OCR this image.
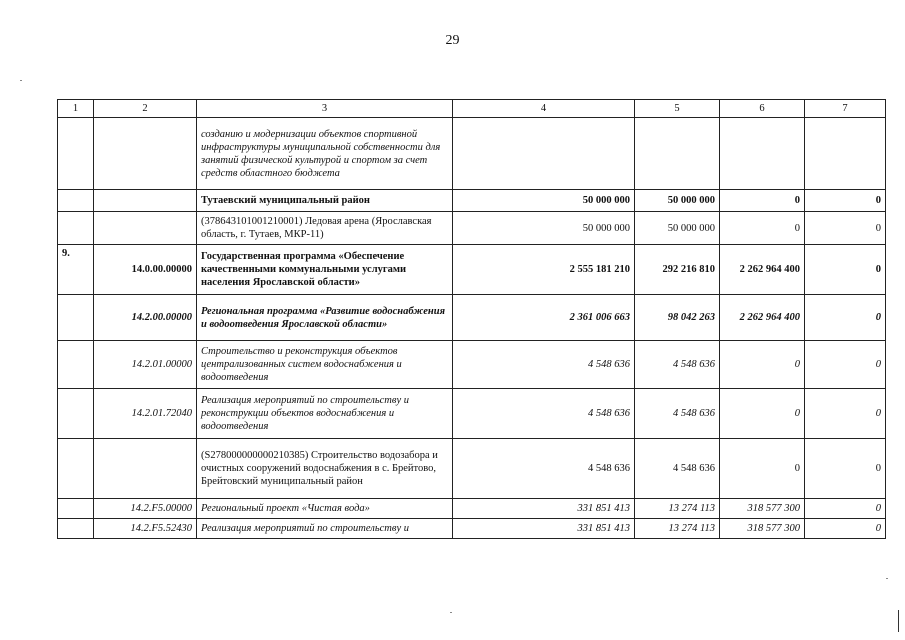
29
1	2	3	4	5	6	7
		созданию и модернизации объектов спортивной инфраструктуры муниципальной собственности для занятий физической культурой и спортом за счет средств областного бюджета				
		Тутаевский муниципальный район	50 000 000	50 000 000	0	0
		(378643101001210001) Ледовая арена (Ярославская область, г. Тутаев, МКР-11)	50 000 000	50 000 000	0	0
9.	14.0.00.00000	Государственная программа «Обеспечение качественными коммунальными услугами населения Ярославской области»	2 555 181 210	292 216 810	2 262 964 400	0
	14.2.00.00000	Региональная программа «Развитие водоснабжения и водоотведения Ярославской области»	2 361 006 663	98 042 263	2 262 964 400	0
	14.2.01.00000	Строительство и реконструкция объектов централизованных систем водоснабжения и водоотведения	4 548 636	4 548 636	0	0
	14.2.01.72040	Реализация мероприятий по строительству и реконструкции объектов водоснабжения и водоотведения	4 548 636	4 548 636	0	0
		(S278000000000210385) Строительство водозабора и очистных сооружений водоснабжения в с. Брейтово, Брейтовский муниципальный район	4 548 636	4 548 636	0	0
	14.2.F5.00000	Региональный проект «Чистая вода»	331 851 413	13 274 113	318 577 300	0
	14.2.F5.52430	Реализация мероприятий по строительству и	331 851 413	13 274 113	318 577 300	0
